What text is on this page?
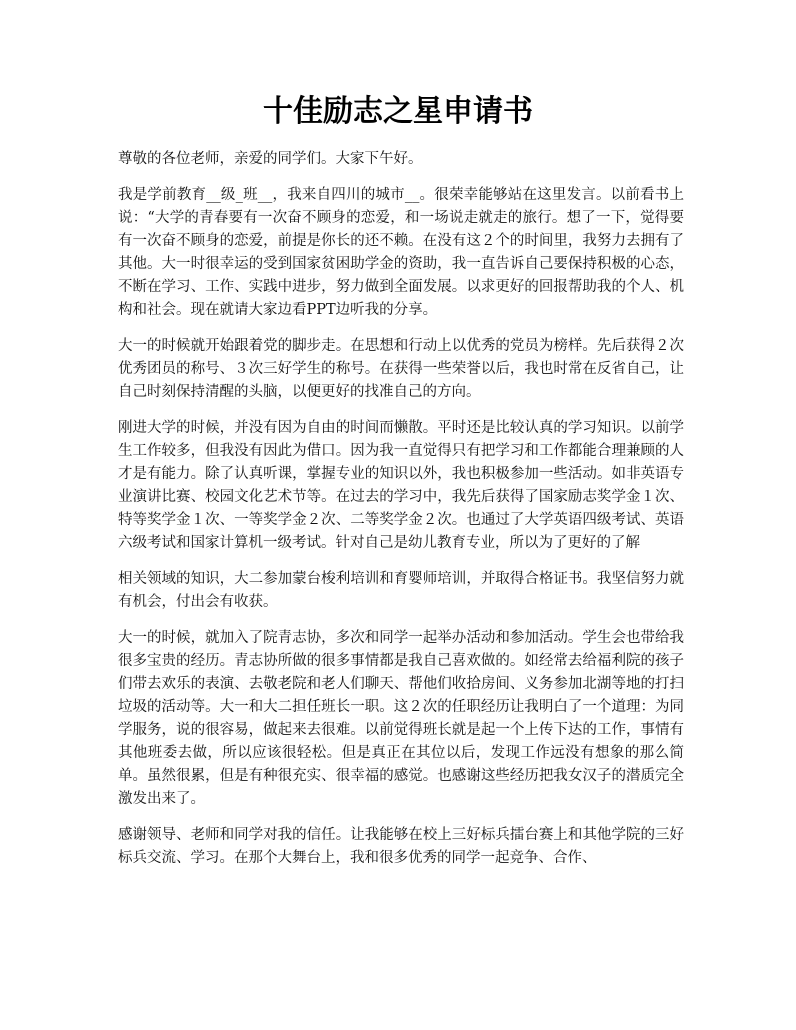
十佳励志之星申请书

尊敬的各位老师，亲爱的同学们。大家下午好。

我是学前教育__级_班__，我来自四川的城市__。很荣幸能够站在这里发言。以前看书上说：“大学的青春要有一次奋不顾身的恋爱，和一场说走就走的旅行。想了一下，觉得要有一次奋不顾身的恋爱，前提是你长的还不赖。在没有这２个的时间里，我努力去拥有了其他。大一时很幸运的受到国家贫困助学金的资助，我一直告诉自己要保持积极的心态，不断在学习、工作、实践中进步，努力做到全面发展。以求更好的回报帮助我的个人、机构和社会。现在就请大家边看PPT边听我的分享。

大一的时候就开始跟着党的脚步走。在思想和行动上以优秀的党员为榜样。先后获得２次优秀团员的称号、３次三好学生的称号。在获得一些荣誉以后，我也时常在反省自己，让自己时刻保持清醒的头脑，以便更好的找准自己的方向。

刚进大学的时候，并没有因为自由的时间而懒散。平时还是比较认真的学习知识。以前学生工作较多，但我没有因此为借口。因为我一直觉得只有把学习和工作都能合理兼顾的人才是有能力。除了认真听课，掌握专业的知识以外，我也积极参加一些活动。如非英语专业演讲比赛、校园文化艺术节等。在过去的学习中，我先后获得了国家励志奖学金１次、特等奖学金１次、一等奖学金２次、二等奖学金２次。也通过了大学英语四级考试、英语六级考试和国家计算机一级考试。针对自己是幼儿教育专业，所以为了更好的了解

相关领域的知识，大二参加蒙台梭利培训和育婴师培训，并取得合格证书。我坚信努力就有机会，付出会有收获。

大一的时候，就加入了院青志协，多次和同学一起举办活动和参加活动。学生会也带给我很多宝贵的经历。青志协所做的很多事情都是我自己喜欢做的。如经常去给福利院的孩子们带去欢乐的表演、去敬老院和老人们聊天、帮他们收拾房间、义务参加北湖等地的打扫垃圾的活动等。大一和大二担任班长一职。这２次的任职经历让我明白了一个道理：为同学服务，说的很容易，做起来去很难。以前觉得班长就是起一个上传下达的工作，事情有其他班委去做，所以应该很轻松。但是真正在其位以后，发现工作远没有想象的那么简单。虽然很累，但是有种很充实、很幸福的感觉。也感谢这些经历把我女汉子的潜质完全激发出来了。

感谢领导、老师和同学对我的信任。让我能够在校上三好标兵擂台赛上和其他学院的三好标兵交流、学习。在那个大舞台上，我和很多优秀的同学一起竞争、合作、
